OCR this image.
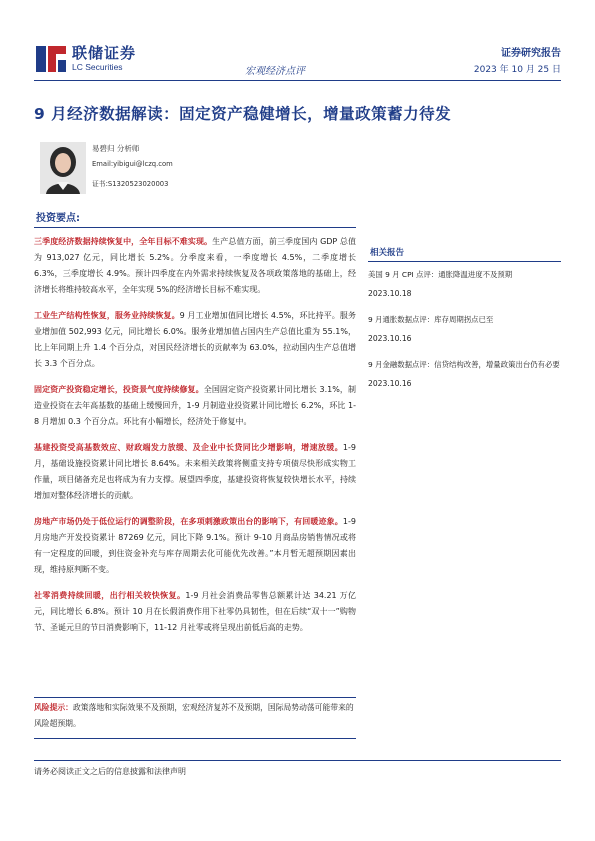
联储证券
LC Securities	宏观经济点评
证券研究报告
2023 年 10 月 25 日
9 月经济数据解读：固定资产稳健增长，增量政策蓄力待发
易碧归 分析师
Email:yibigui@lczq.com
证书:S1320523020003
投资要点:

三季度经济数据持续恢复中，全年目标不难实现。生产总值方面，前三季度国内 GDP 总值为 913,027 亿元，同比增长 5.2%。分季度来看，一季度增长 4.5%，二季度增长 6.3%，三季度增长 4.9%。预计四季度在内外需求持续恢复及各项政策落地的基础上，经济增长将维持较高水平，全年实现 5%的经济增长目标不难实现。

工业生产结构性恢复，服务业持续恢复。9 月工业增加值同比增长 4.5%，环比持平。服务业增加值 502,993 亿元，同比增长 6.0%。服务业增加值占国内生产总值比重为 55.1%，比上年同期上升 1.4 个百分点，对国民经济增长的贡献率为 63.0%，拉动国内生产总值增长 3.3 个百分点。

固定资产投资稳定增长，投资景气度持续修复。全国固定资产投资累计同比增长 3.1%，制造业投资在去年高基数的基础上缓慢回升，1-9 月制造业投资累计同比增长 6.2%，环比 1-8 月增加 0.3 个百分点。环比有小幅增长，经济处于修复中。

基建投资受高基数效应、财政端发力放缓、及企业中长贷同比少增影响，增速放缓。1-9 月，基础设施投资累计同比增长 8.64%。未来相关政策将侧重支持专项债尽快形成实物工作量，项目储备充足也将成为有力支撑。展望四季度，基建投资将恢复较快增长水平，持续增加对整体经济增长的贡献。

房地产市场仍处于低位运行的调整阶段，在多项刺激政策出台的影响下，有回暖迹象。1-9 月房地产开发投资累计 87269 亿元，同比下降 9.1%。预计 9-10 月商品房销售情况或将有一定程度的回暖，到住资金补充与库存周期去化可能优先改善。”本月暂无超预期因素出现，维持原判断不变。

社零消费持续回暖，出行相关较快恢复。1-9 月社会消费品零售总额累计达 34.21 万亿元，同比增长 6.8%。预计 10 月在长假消费作用下社零仍具韧性，但在后续“双十一”购物节、圣诞元旦的节日消费影响下，11-12 月社零或将呈现出前低后高的走势。

风险提示：政策落地和实际效果不及预期，宏观经济复苏不及预期，国际局势动荡可能带来的风险超预期。
相关报告
美国 9 月 CPI 点评：通胀降温进度不及预期
2023.10.18
9 月通胀数据点评：库存周期拐点已至
2023.10.16
9 月金融数据点评：信贷结构改善，增量政策出台仍有必要
2023.10.16
请务必阅读正文之后的信息披露和法律声明
